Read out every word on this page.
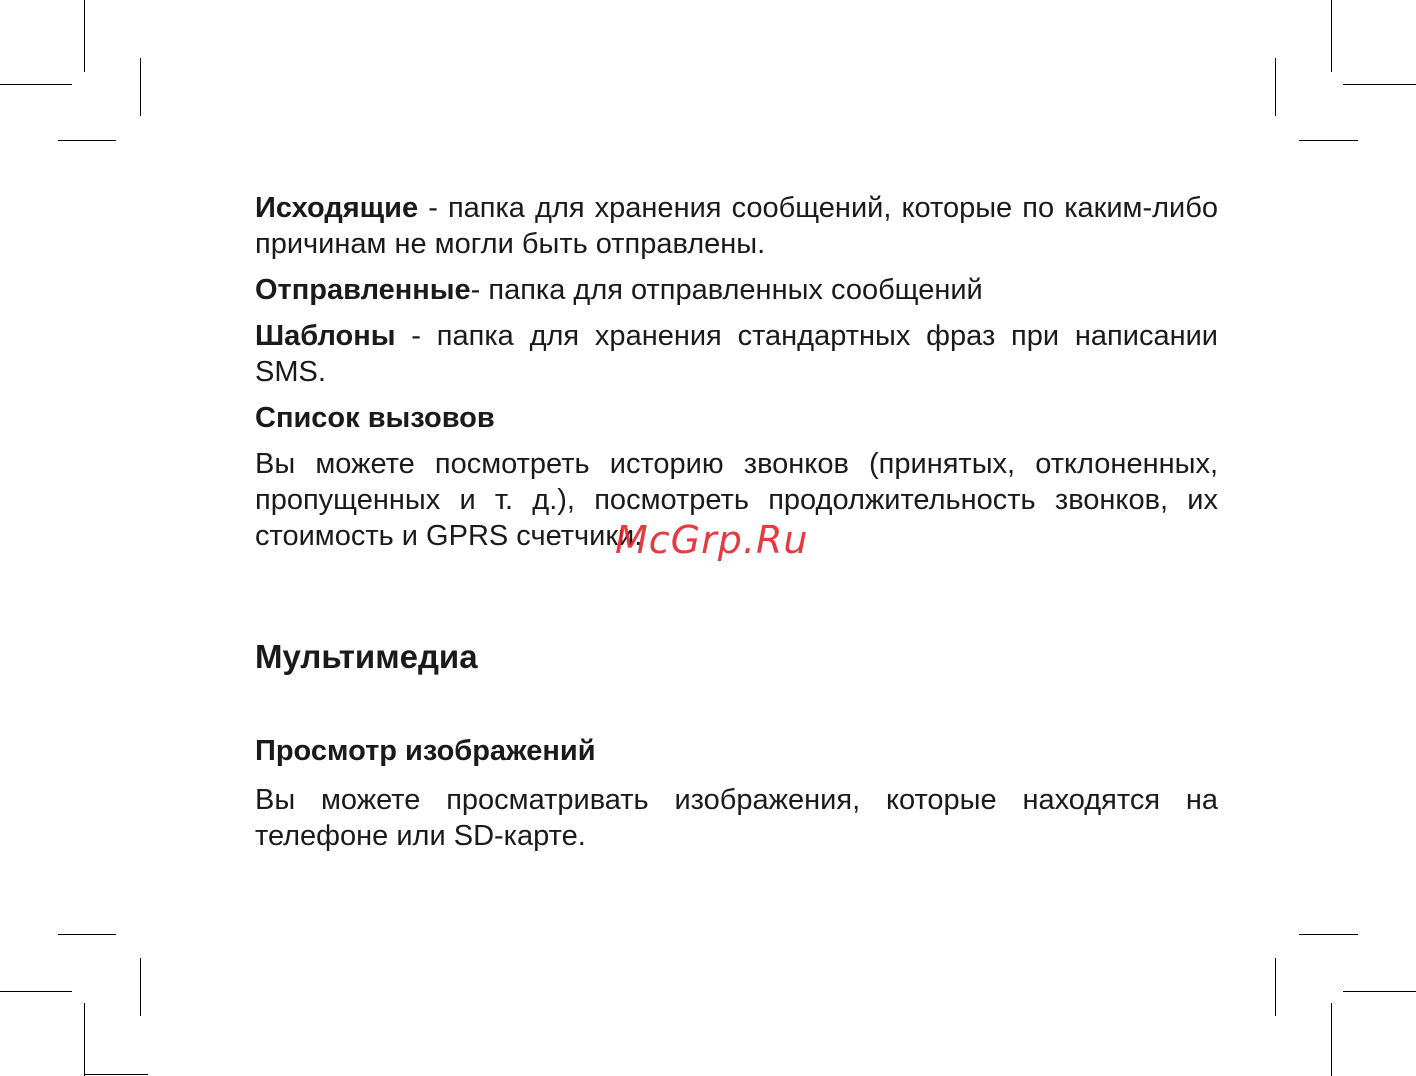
Исходящие - папка для хранения сообщений, которые по каким-либо причинам не могли быть отправлены.

Отправленные- папка для отправленных сообщений

Шаблоны - папка для хранения стандартных фраз при написании SMS.

Список вызовов

Вы можете посмотреть историю звонков (принятых, отклоненных, пропущенных и т. д.), посмотреть продолжительность звонков, их стоимость и GPRS счетчики.

McGrp.Ru
Мультимедиа
Просмотр изображений
Вы можете просматривать изображения, которые находятся на телефоне или SD-карте.
